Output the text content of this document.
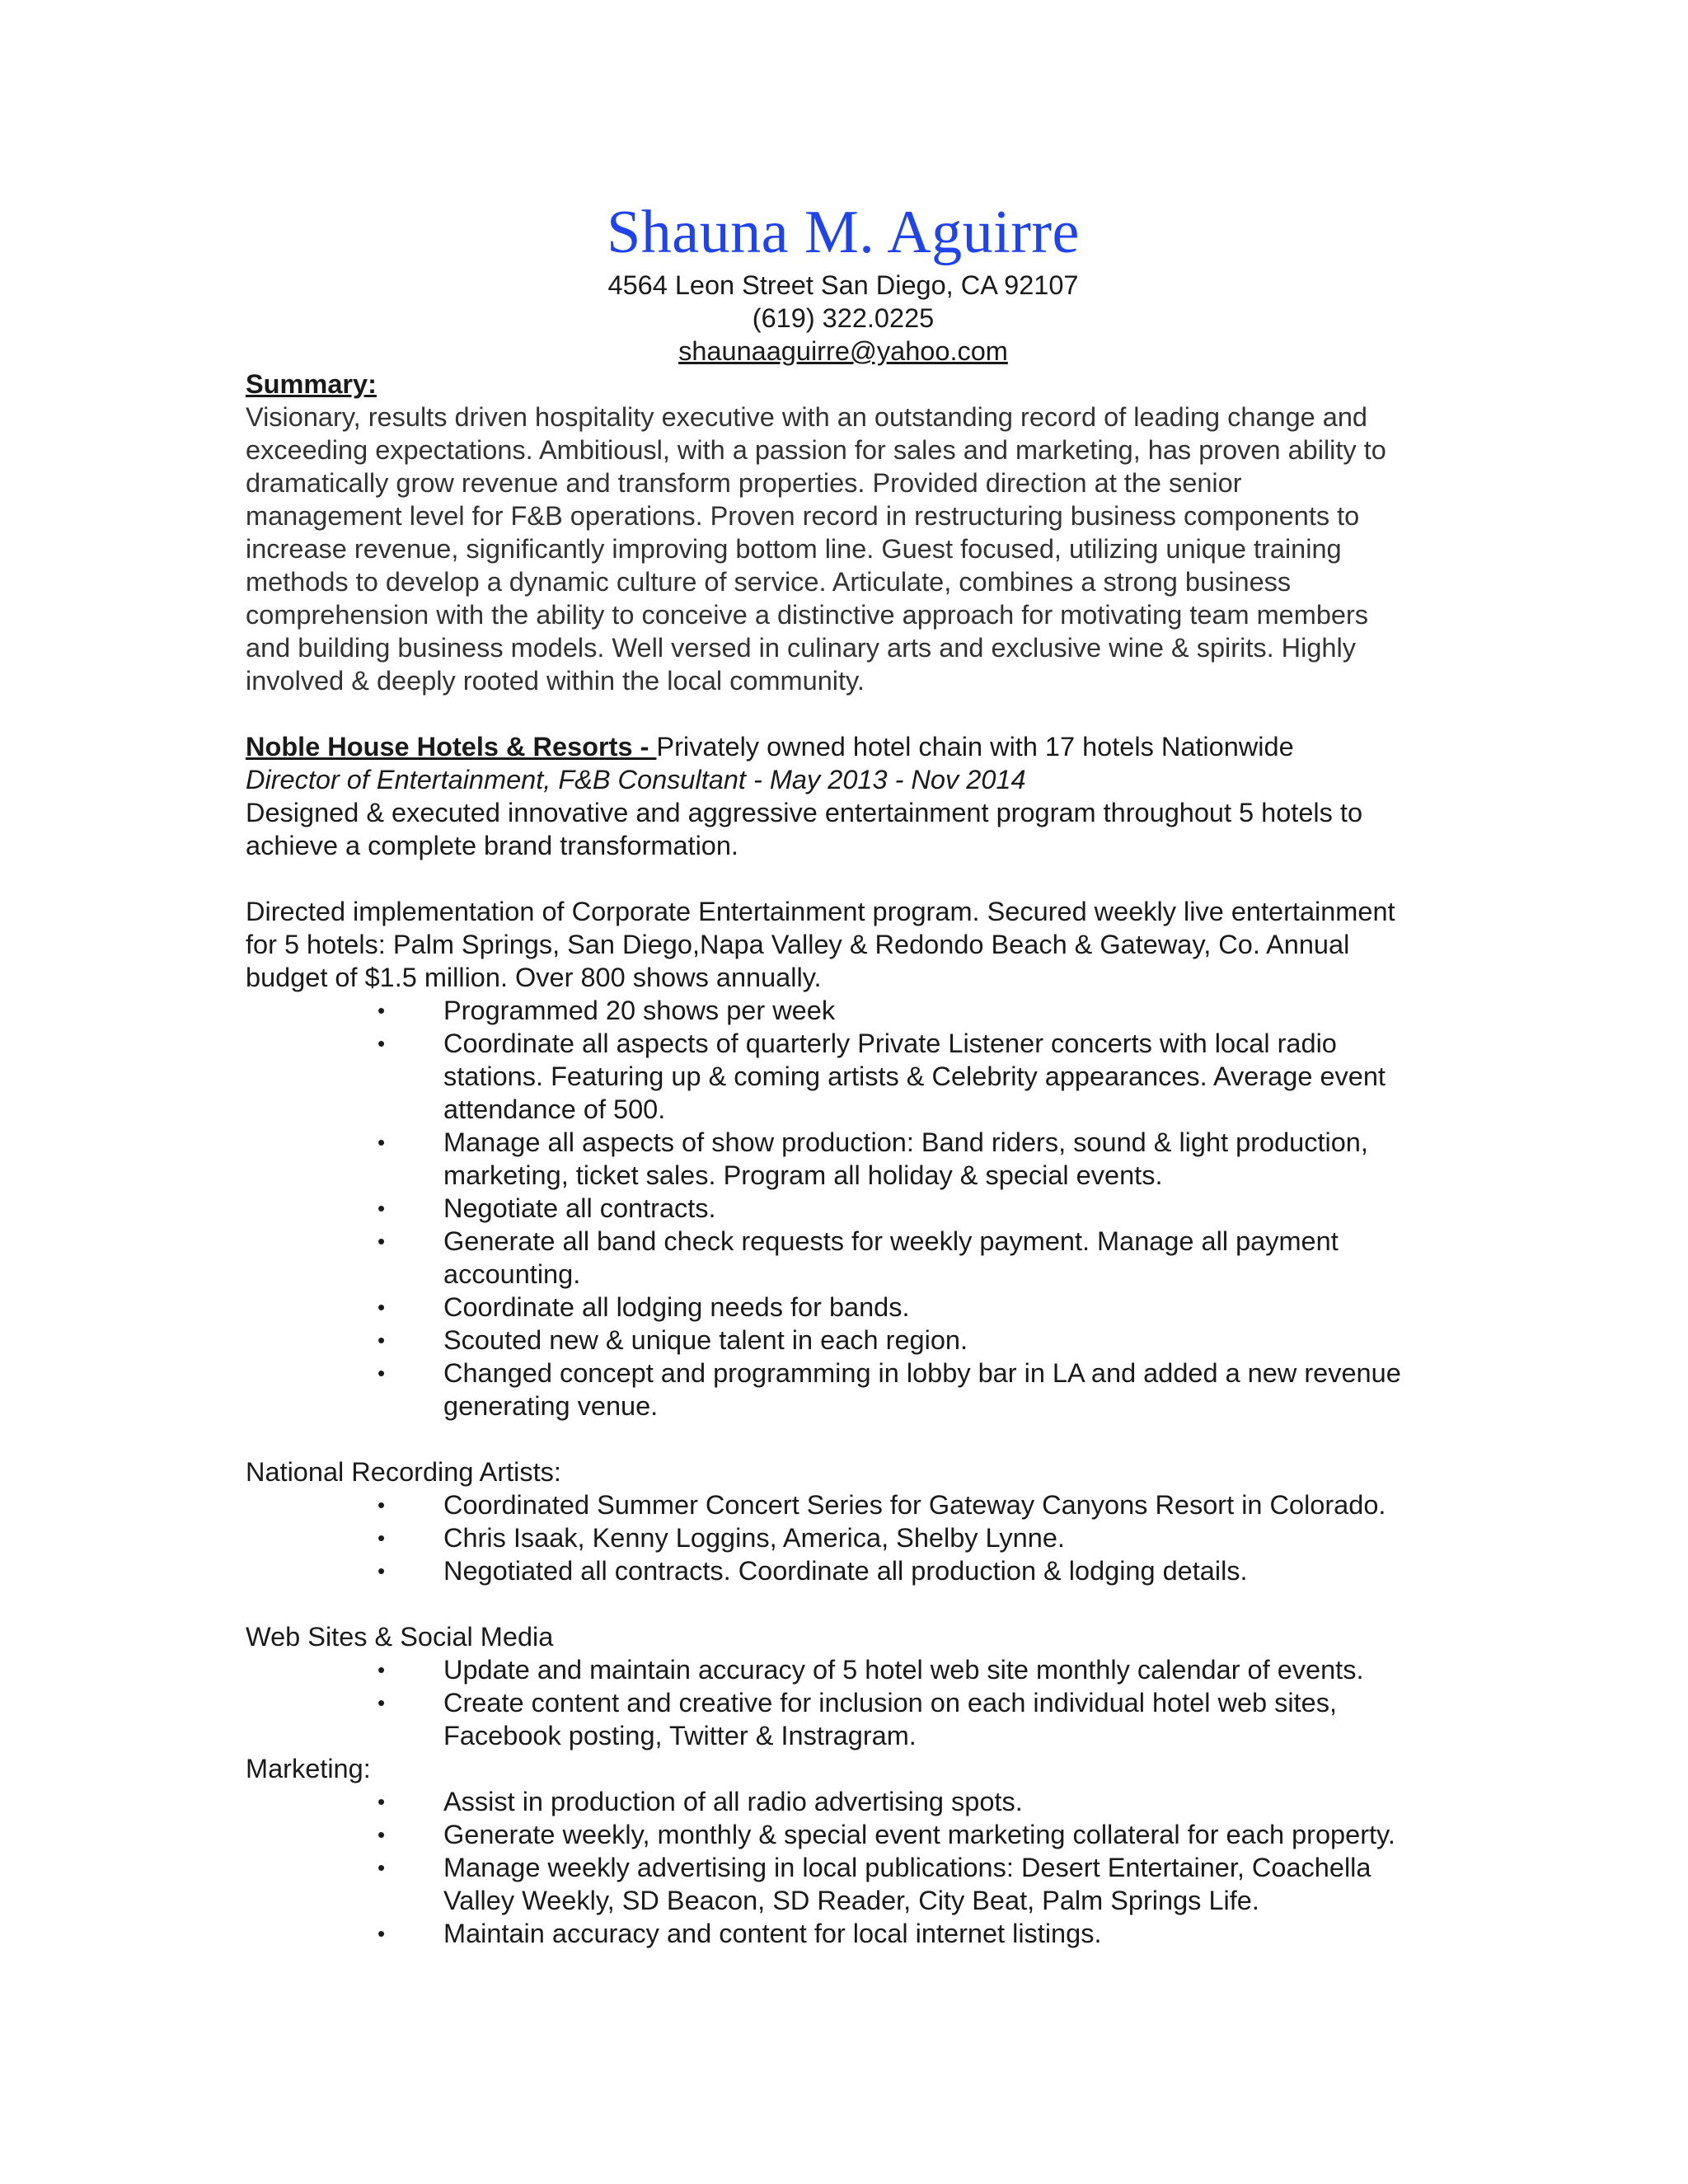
Shauna M. Aguirre
4564 Leon Street San Diego, CA 92107
(619) 322.0225
shaunaaguirre@yahoo.com
Summary:
Visionary, results driven hospitality executive with an outstanding record of leading change and
exceeding expectations. Ambitiousl, with a passion for sales and marketing, has proven ability to
dramatically grow revenue and transform properties. Provided direction at the senior
management level for F&B operations. Proven record in restructuring business components to
increase revenue, significantly improving bottom line. Guest focused, utilizing unique training
methods to develop a dynamic culture of service. Articulate, combines a strong business
comprehension with the ability to conceive a distinctive approach for motivating team members
and building business models. Well versed in culinary arts and exclusive wine & spirits. Highly
involved & deeply rooted within the local community.
Noble House Hotels & Resorts - Privately owned hotel chain with 17 hotels Nationwide
Director of Entertainment, F&B Consultant - May 2013 - Nov 2014
Designed & executed innovative and aggressive entertainment program throughout 5 hotels to
achieve a complete brand transformation.
Directed implementation of Corporate Entertainment program. Secured weekly live entertainment
for 5 hotels: Palm Springs, San Diego,Napa Valley & Redondo Beach & Gateway, Co. Annual
budget of $1.5 million. Over 800 shows annually.
• Programmed 20 shows per week
• Coordinate all aspects of quarterly Private Listener concerts with local radio
stations. Featuring up & coming artists & Celebrity appearances. Average event
attendance of 500.
• Manage all aspects of show production: Band riders, sound & light production,
marketing, ticket sales. Program all holiday & special events.
• Negotiate all contracts.
• Generate all band check requests for weekly payment. Manage all payment
accounting.
• Coordinate all lodging needs for bands.
• Scouted new & unique talent in each region.
• Changed concept and programming in lobby bar in LA and added a new revenue
generating venue.
National Recording Artists:
• Coordinated Summer Concert Series for Gateway Canyons Resort in Colorado.
• Chris Isaak, Kenny Loggins, America, Shelby Lynne.
• Negotiated all contracts. Coordinate all production & lodging details.
Web Sites & Social Media
• Update and maintain accuracy of 5 hotel web site monthly calendar of events.
• Create content and creative for inclusion on each individual hotel web sites,
Facebook posting, Twitter & Instragram.
Marketing:
• Assist in production of all radio advertising spots.
• Generate weekly, monthly & special event marketing collateral for each property.
• Manage weekly advertising in local publications: Desert Entertainer, Coachella
Valley Weekly, SD Beacon, SD Reader, City Beat, Palm Springs Life.
• Maintain accuracy and content for local internet listings.
